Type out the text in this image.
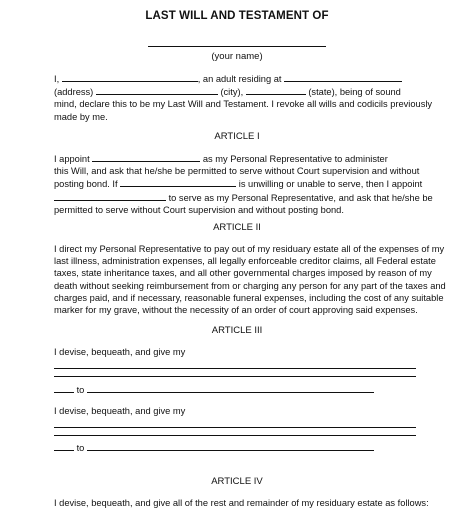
LAST WILL AND TESTAMENT OF
(your name)
I,	, an adult residing at
(address)	(city),	(state), being of sound
mind, declare this to be my Last Will and Testament. I revoke all wills and codicils previously
made by me.
ARTICLE I
I appoint	as my Personal Representative to administer
this Will, and ask that he/she be permitted to serve without Court supervision and without
posting bond. If	is unwilling or unable to serve, then I appoint
to serve as my Personal Representative, and ask that he/she be
permitted to serve without Court supervision and without posting bond.
ARTICLE II
I direct my Personal Representative to pay out of my residuary estate all of the expenses of my
last illness, administration expenses, all legally enforceable creditor claims, all Federal estate
taxes, state inheritance taxes, and all other governmental charges imposed by reason of my
death without seeking reimbursement from or charging any person for any part of the taxes and
charges paid, and if necessary, reasonable funeral expenses, including the cost of any suitable
marker for my grave, without the necessity of an order of court approving said expenses.
ARTICLE III
I devise, bequeath, and give my
to
I devise, bequeath, and give my
to
ARTICLE IV
I devise, bequeath, and give all of the rest and remainder of my residuary estate as follows:
